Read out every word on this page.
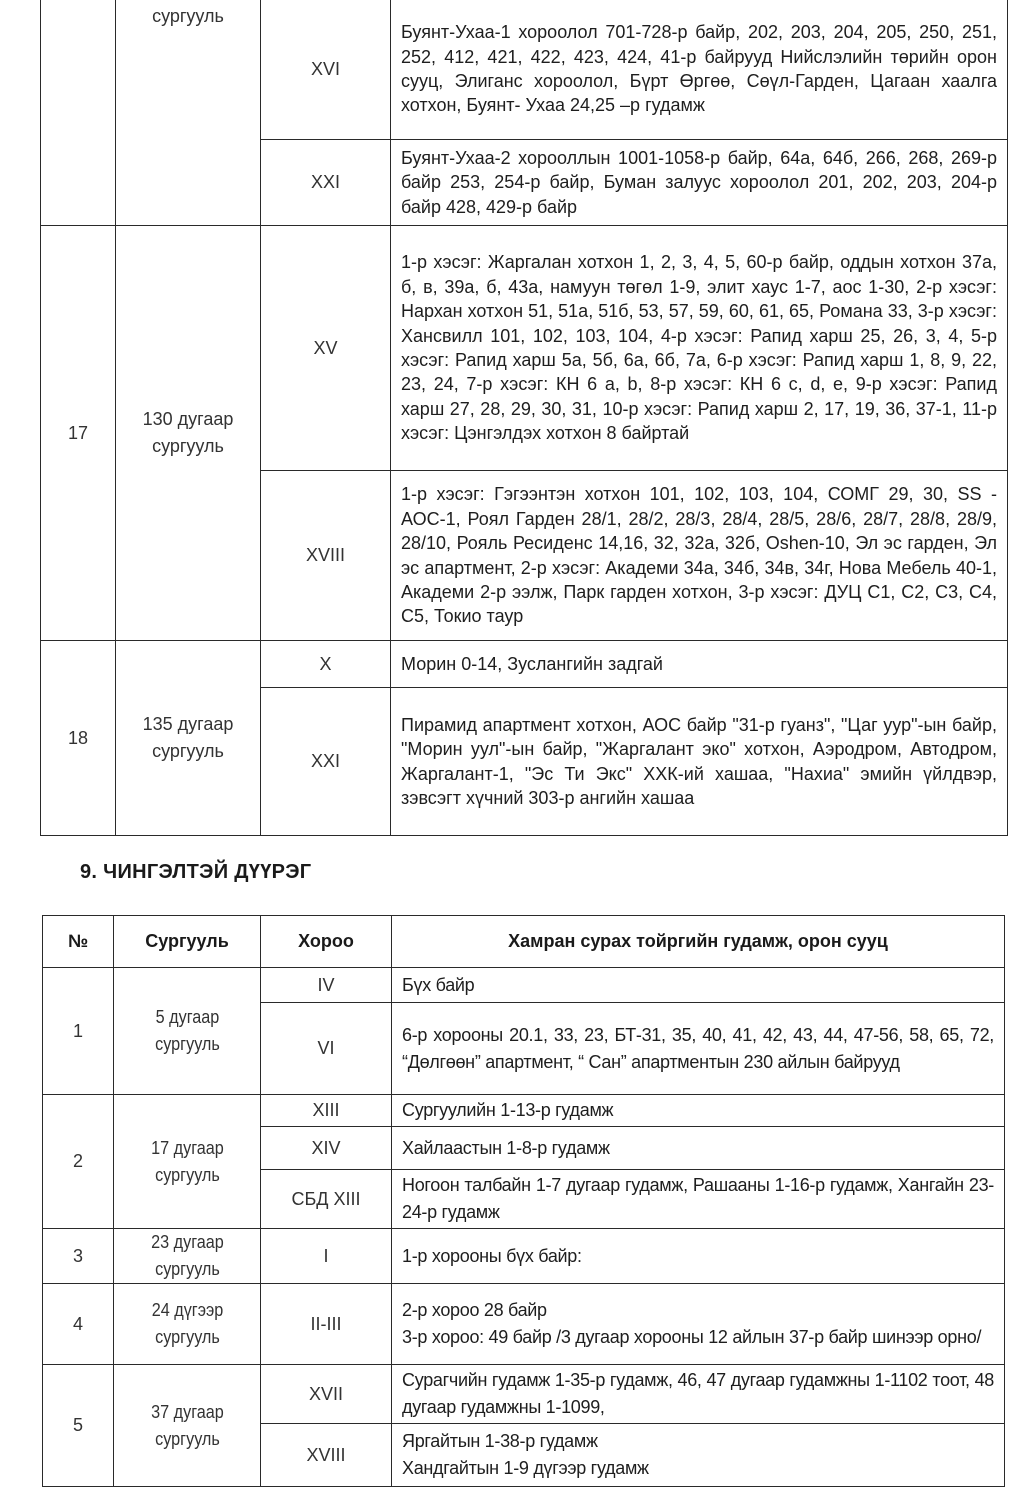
	сургууль	XVI	Буянт-Ухаа-1 хороолол 701-728-р байр, 202, 203, 204, 205, 250, 251, 252, 412, 421, 422, 423, 424, 41-р байрууд Нийслэлийн төрийн орон сууц, Элиганс хороолол, Бүрт Өргөө, Сөүл-Гарден, Цагаан хаалга хотхон, Буянт- Ухаа 24,25 –р гудамж
		XXI	Буянт-Ухаа-2 хорооллын 1001-1058-р байр, 64а, 64б, 266, 268, 269-р байр 253, 254-р байр, Буман залуус хороолол 201, 202, 203, 204-р байр 428, 429-р байр
17	130 дугаар сургууль	XV	1-р хэсэг: Жаргалан хотхон 1, 2, 3, 4, 5, 60-р байр, оддын хотхон 37а, б, в, 39а, б, 43а, намуун төгөл 1-9, элит хаус 1-7, аос 1-30, 2-р хэсэг: Нархан хотхон 51, 51а, 51б, 53, 57, 59, 60, 61, 65, Романа 33, 3-р хэсэг: Хансвилл 101, 102, 103, 104, 4-р хэсэг: Рапид харш 25, 26, 3, 4, 5-р хэсэг: Рапид харш 5а, 5б, 6а, 6б, 7а, 6-р хэсэг: Рапид харш 1, 8, 9, 22, 23, 24, 7-р хэсэг: КН 6 a, b, 8-р хэсэг: КН 6 c, d, e, 9-р хэсэг: Рапид харш 27, 28, 29, 30, 31, 10-р хэсэг: Рапид харш 2, 17, 19, 36, 37-1, 11-р хэсэг: Цэнгэлдэх хотхон 8 байртай
		XVIII	1-р хэсэг: Гэгээнтэн хотхон 101, 102, 103, 104, СОМГ 29, 30, SS - АОС-1, Роял Гарден 28/1, 28/2, 28/3, 28/4, 28/5, 28/6, 28/7, 28/8, 28/9, 28/10, Рояль Ресиденс 14,16, 32, 32а, 32б, Oshen-10, Эл эс гарден, Эл эс апартмент, 2-р хэсэг: Академи 34а, 34б, 34в, 34г, Нова Мебель 40-1, Академи 2-р ээлж, Парк гарден хотхон, 3-р хэсэг: ДУЦ С1, С2, С3, С4, С5, Токио таур
18	135 дугаар сургууль	X	Морин 0-14, Зуслангийн задгай
		XXI	Пирамид апартмент хотхон, АОС байр "31-р гуанз", "Цаг уур"-ын байр, "Морин уул"-ын байр, "Жаргалант эко" хотхон, Аэродром, Автодром, Жаргалант-1, "Эс Ти Экс" ХХК-ий хашаа, "Нахиа" эмийн үйлдвэр, зэвсэгт хүчний 303-р ангийн хашаа
9. ЧИНГЭЛТЭЙ ДҮҮРЭГ
№	Сургууль	Хороо	Хамран сурах тойргийн гудамж, орон сууц
1	5 дугаар сургууль	IV	Бүх байр
		VI	6-р хорооны 20.1, 33, 23, БТ-31, 35, 40, 41, 42, 43, 44, 47-56, 58, 65, 72, “Дөлгөөн” апартмент, “ Сан” апартментын 230 айлын байрууд
2	17 дугаар сургууль	XIII	Сургуулийн 1-13-р гудамж
		XIV	Хайлаастын 1-8-р гудамж
		СБД XIII	Ногоон талбайн 1-7 дугаар гудамж, Рашааны 1-16-р гудамж, Хангайн 23-24-р гудамж
3	23 дугаар сургууль	I	1-р хорооны бүх байр:
4	24 дүгээр сургууль	II-III	2-р хороо 28 байр
3-р хороо: 49 байр /3 дугаар хорооны 12 айлын 37-р байр шинээр орно/

5	37 дугаар сургууль	XVII	Сурагчийн гудамж 1-35-р гудамж, 46, 47 дугаар гудамжны 1-1102 тоот, 48 дугаар гудамжны 1-1099,
		XVIII	Яргайтын 1-38-р гудамж
Хандгайтын 1-9 дүгээр гудамж
